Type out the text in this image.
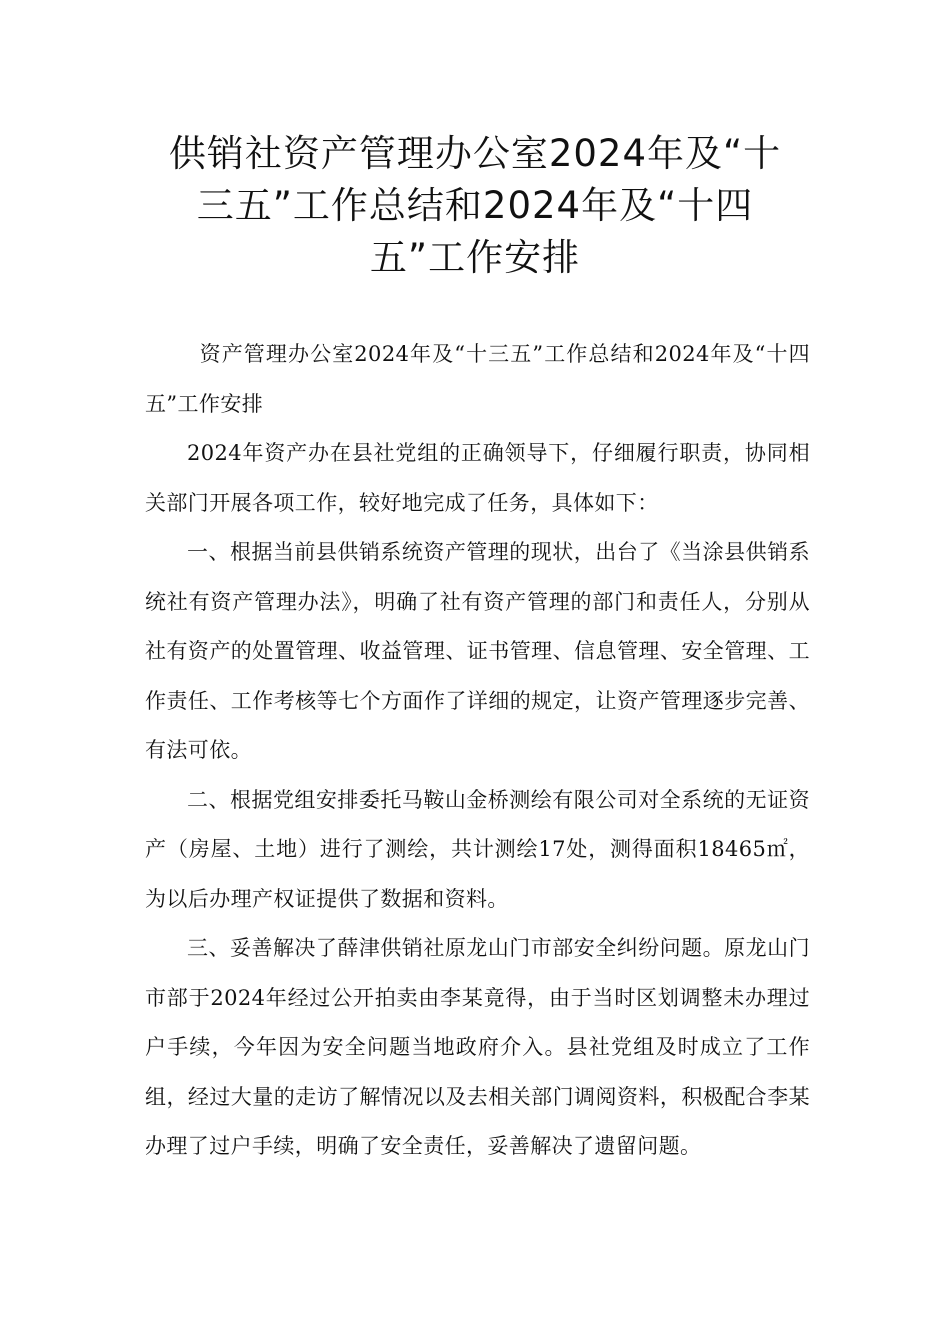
供销社资产管理办公室2024年及“十
三五”工作总结和2024年及“十四
五”工作安排

资产管理办公室2024年及“十三五”工作总结和2024年及“十四五”工作安排

2024年资产办在县社党组的正确领导下，仔细履行职责，协同相关部门开展各项工作，较好地完成了任务，具体如下：

一、根据当前县供销系统资产管理的现状，出台了《当涂县供销系统社有资产管理办法》，明确了社有资产管理的部门和责任人，分别从社有资产的处置管理、收益管理、证书管理、信息管理、安全管理、工作责任、工作考核等七个方面作了详细的规定，让资产管理逐步完善、有法可依。

二、根据党组安排委托马鞍山金桥测绘有限公司对全系统的无证资产（房屋、土地）进行了测绘，共计测绘17处，测得面积18465㎡，为以后办理产权证提供了数据和资料。

三、妥善解决了薛津供销社原龙山门市部安全纠纷问题。原龙山门市部于2024年经过公开拍卖由李某竟得，由于当时区划调整未办理过户手续，今年因为安全问题当地政府介入。县社党组及时成立了工作组，经过大量的走访了解情况以及去相关部门调阅资料，积极配合李某办理了过户手续，明确了安全责任，妥善解决了遗留问题。
